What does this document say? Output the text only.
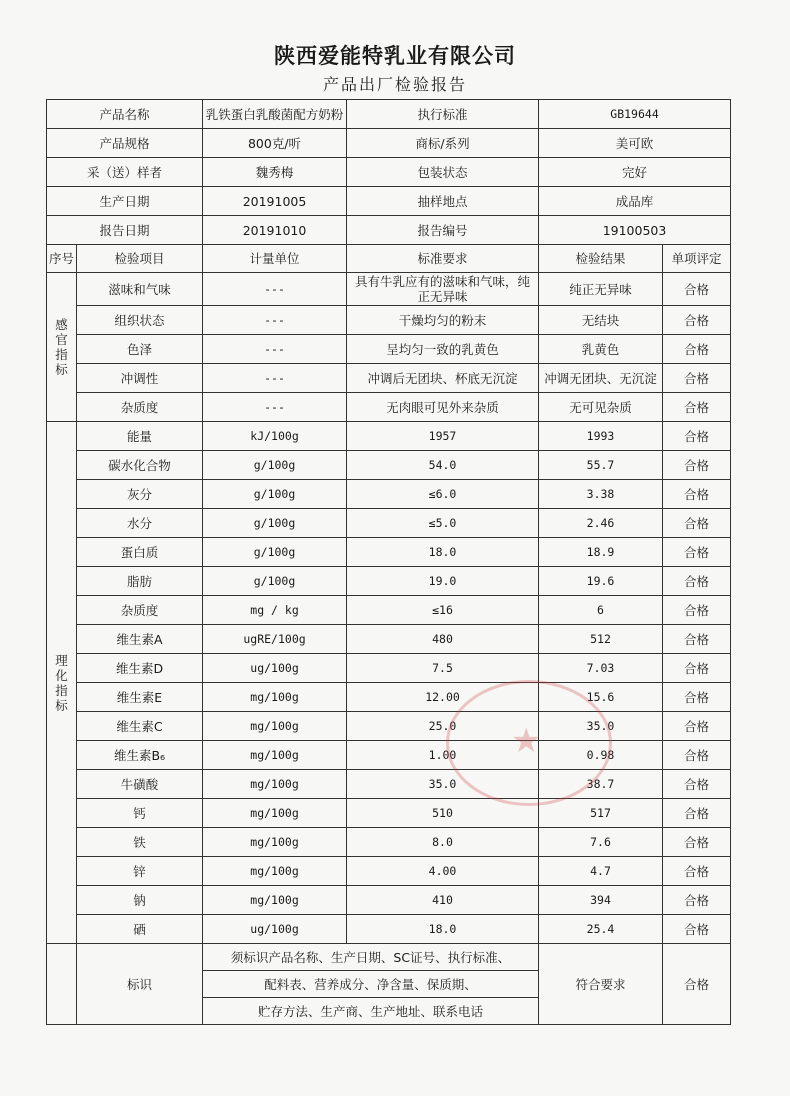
陕西爱能特乳业有限公司
产品出厂检验报告
产品名称		乳铁蛋白乳酸菌配方奶粉	执行标准	GB19644	
产品规格		800克/听	商标/系列	美可欧	
采（送）样者		魏秀梅	包装状态	完好	
生产日期		20191005	抽样地点	成品库	
报告日期		20191010	报告编号	19100503	
序号	检验项目	计量单位	标准要求	检验结果	单项评定

感
官
指
标	滋味和气味	---	具有牛乳应有的滋味和气味，纯正无异味	纯正无异味	合格
	组织状态	---	干燥均匀的粉末	无结块	合格
	色泽	---	呈均匀一致的乳黄色	乳黄色	合格
	冲调性	---	冲调后无团块、杯底无沉淀	冲调无团块、无沉淀	合格
	杂质度	---	无肉眼可见外来杂质	无可见杂质	合格

理
化
指
标	能量	kJ/100g	1957	1993	合格
	碳水化合物	g/100g	54.0	55.7	合格
	灰分	g/100g	≤6.0	3.38	合格
	水分	g/100g	≤5.0	2.46	合格
	蛋白质	g/100g	18.0	18.9	合格
	脂肪	g/100g	19.0	19.6	合格
	杂质度	mg / kg	≤16	6	合格
	维生素A	ugRE/100g	480	512	合格
	维生素D	ug/100g	7.5	7.03	合格
	维生素E	mg/100g	12.00	15.6	合格
	维生素C	mg/100g	25.0	35.0	合格
	维生素B₆	mg/100g	1.00	0.98	合格
	牛磺酸	mg/100g	35.0	38.7	合格
	钙	mg/100g	510	517	合格
	铁	mg/100g	8.0	7.6	合格
	锌	mg/100g	4.00	4.7	合格
	钠	mg/100g	410	394	合格
	硒	ug/100g	18.0	25.4	合格
	标识	须标识产品名称、生产日期、SC证号、执行标准、		符合要求	合格
		配料表、营养成分、净含量、保质期、			
		贮存方法、生产商、生产地址、联系电话			
★
